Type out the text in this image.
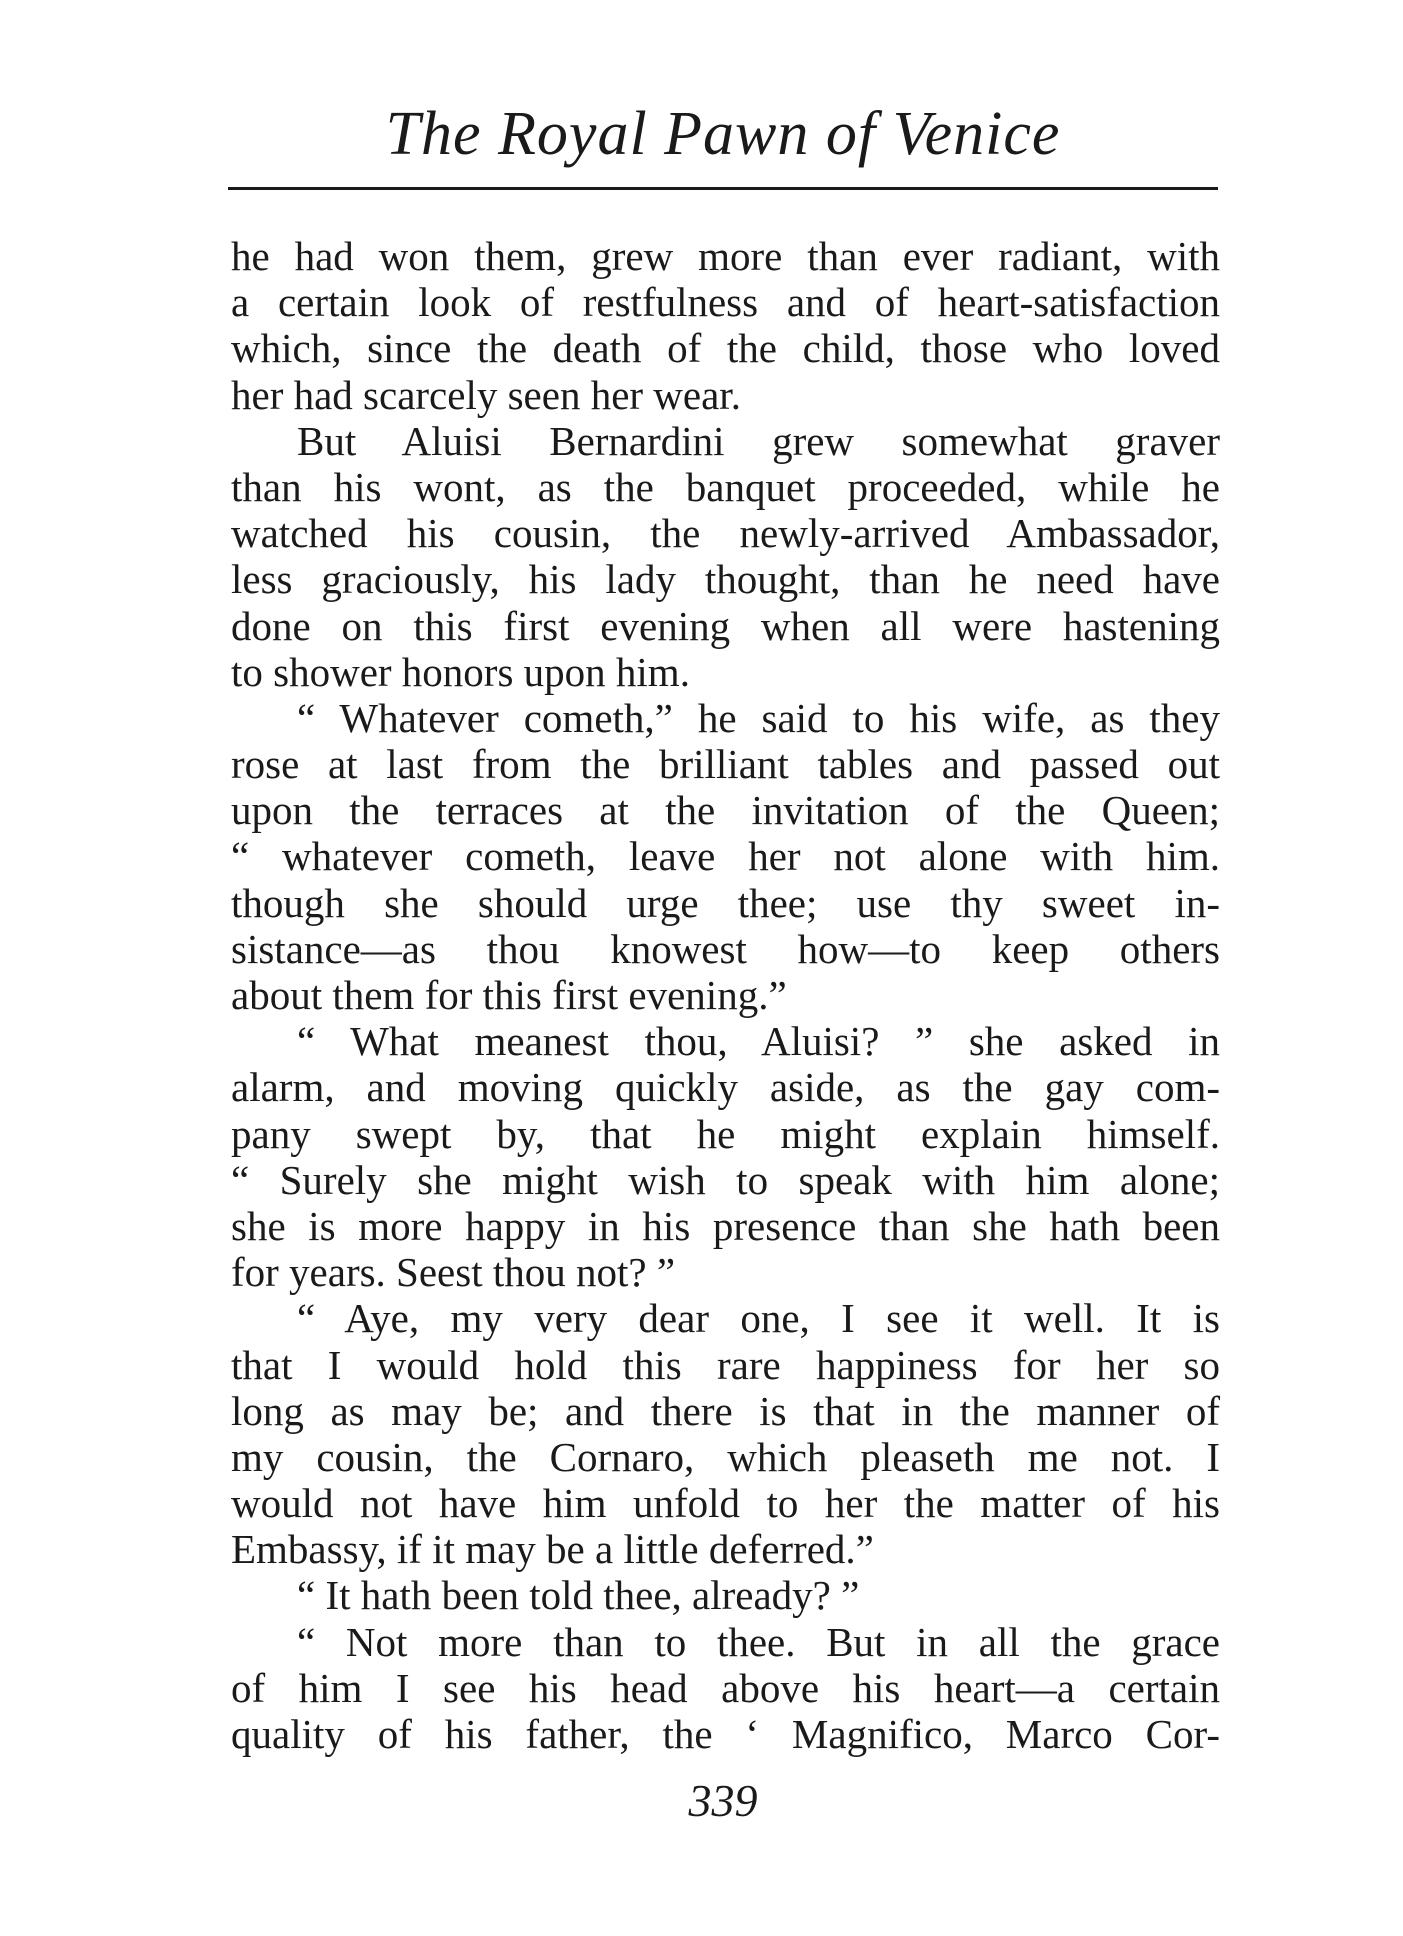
The Royal Pawn of Venice
he had won them, grew more than ever radiant, with
a certain look of restfulness and of heart-satisfaction
which, since the death of the child, those who loved
her had scarcely seen her wear.
But Aluisi Bernardini grew somewhat graver
than his wont, as the banquet proceeded, while he
watched his cousin, the newly-arrived Ambassador,
less graciously, his lady thought, than he need have
done on this first evening when all were hastening
to shower honors upon him.
“ Whatever cometh,” he said to his wife, as they
rose at last from the brilliant tables and passed out
upon the terraces at the invitation of the Queen;
“ whatever cometh, leave her not alone with him.
though she should urge thee; use thy sweet in-
sistance—as thou knowest how—to keep others
about them for this first evening.”
“ What meanest thou, Aluisi? ” she asked in
alarm, and moving quickly aside, as the gay com-
pany swept by, that he might explain himself.
“ Surely she might wish to speak with him alone;
she is more happy in his presence than she hath been
for years. Seest thou not? ”
“ Aye, my very dear one, I see it well. It is
that I would hold this rare happiness for her so
long as may be; and there is that in the manner of
my cousin, the Cornaro, which pleaseth me not. I
would not have him unfold to her the matter of his
Embassy, if it may be a little deferred.”
“ It hath been told thee, already? ”
“ Not more than to thee. But in all the grace
of him I see his head above his heart—a certain
quality of his father, the ‘ Magnifico, Marco Cor-
339
